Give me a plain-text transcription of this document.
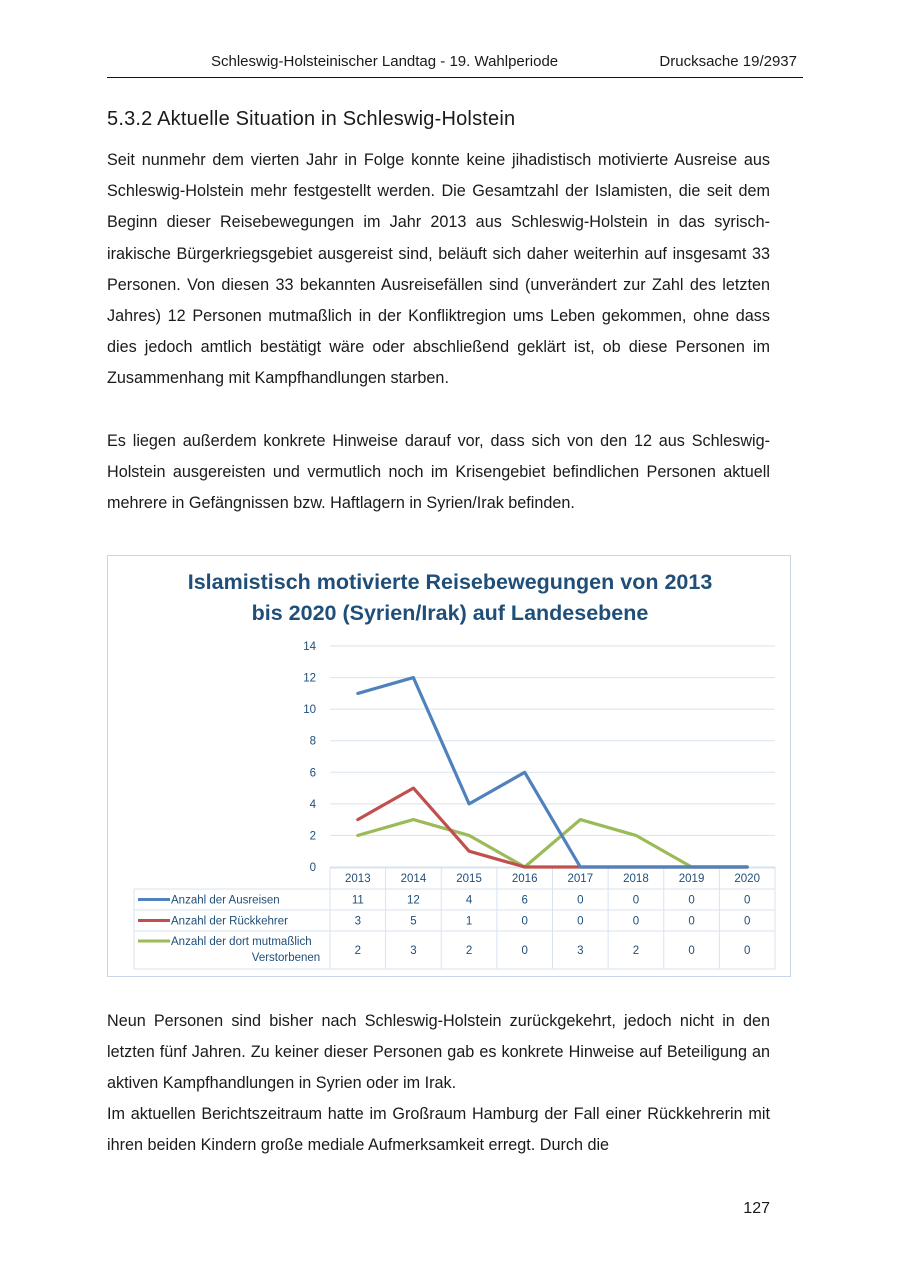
Schleswig-Holsteinischer Landtag - 19. Wahlperiode	Drucksache 19/2937
5.3.2 Aktuelle Situation in Schleswig-Holstein

Seit nunmehr dem vierten Jahr in Folge konnte keine jihadistisch motivierte Ausreise aus Schleswig-Holstein mehr festgestellt werden. Die Gesamtzahl der Islamisten, die seit dem Beginn dieser Reisebewegungen im Jahr 2013 aus Schleswig-Holstein in das syrisch-irakische Bürgerkriegsgebiet ausgereist sind, beläuft sich daher weiterhin auf insgesamt 33 Personen. Von diesen 33 bekannten Ausreisefällen sind (unverändert zur Zahl des letzten Jahres) 12 Personen mutmaßlich in der Konfliktregion ums Leben gekommen, ohne dass dies jedoch amtlich bestätigt wäre oder abschließend geklärt ist, ob diese Personen im Zusammenhang mit Kampfhandlungen starben.

Es liegen außerdem konkrete Hinweise darauf vor, dass sich von den 12 aus Schleswig-Holstein ausgereisten und vermutlich noch im Krisengebiet befindlichen Personen aktuell mehrere in Gefängnissen bzw. Haftlagern in Syrien/Irak befinden.

Islamistisch motivierte Reisebewegungen von 2013
bis 2020 (Syrien/Irak) auf Landesebene
0
2
4
6
8
10
12
14
2013	2014	2015	2016	2017	2018	2019	2020
Anzahl der Ausreisen	11	12	4	6	0	0	0	0
Anzahl der Rückkehrer	3	5	1	0	0	0	0	0
Anzahl der dort mutmaßlich
Verstorbenen
2	3	2	0	3	2	0	0

Neun Personen sind bisher nach Schleswig-Holstein zurückgekehrt, jedoch nicht in den letzten fünf Jahren. Zu keiner dieser Personen gab es konkrete Hinweise auf Beteiligung an aktiven Kampfhandlungen in Syrien oder im Irak.

Im aktuellen Berichtszeitraum hatte im Großraum Hamburg der Fall einer Rückkehrerin mit ihren beiden Kindern große mediale Aufmerksamkeit erregt. Durch die

127
